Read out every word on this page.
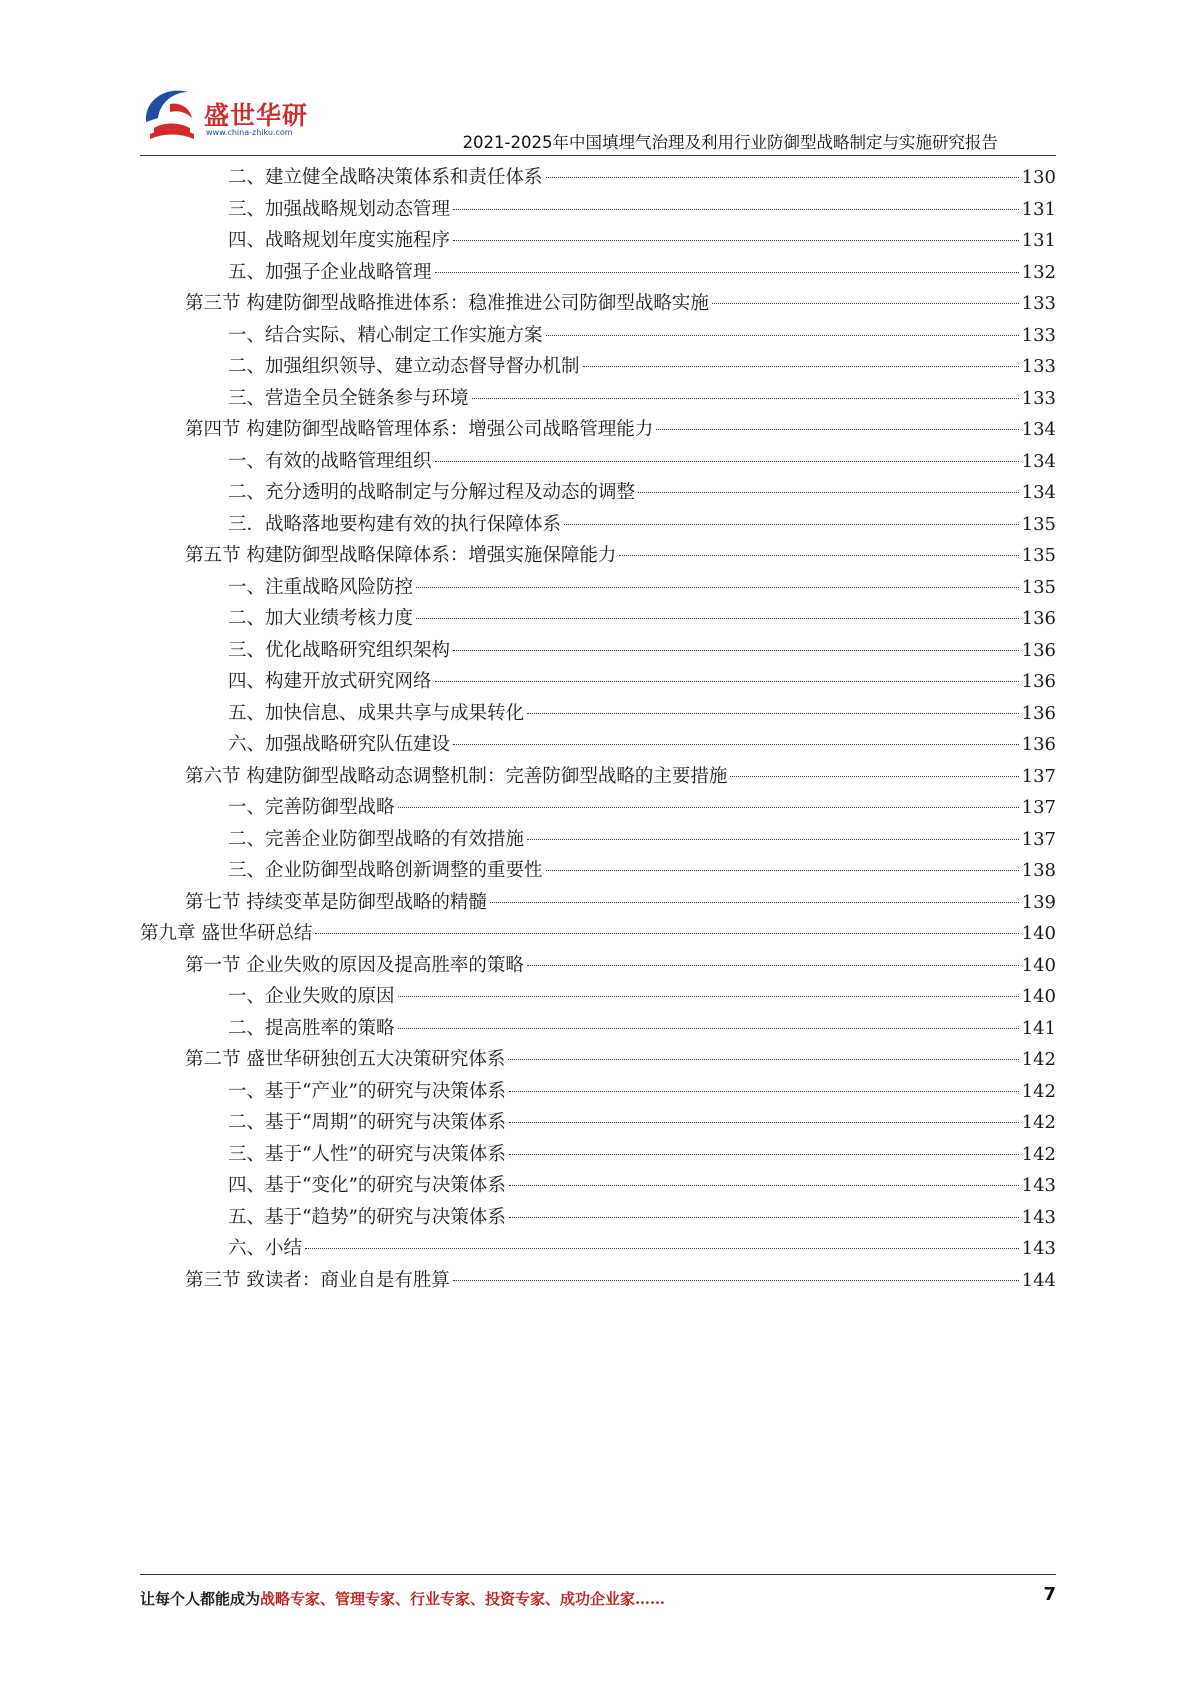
盛世华研
www.china-zhiku.com
2021-2025年中国填埋气治理及利用行业防御型战略制定与实施研究报告
二、建立健全战略决策体系和责任体系	130
三、加强战略规划动态管理	131
四、战略规划年度实施程序	131
五、加强子企业战略管理	132
第三节 构建防御型战略推进体系：稳准推进公司防御型战略实施	133
一、结合实际、精心制定工作实施方案	133
二、加强组织领导、建立动态督导督办机制	133
三、营造全员全链条参与环境	133
第四节 构建防御型战略管理体系：增强公司战略管理能力	134
一、有效的战略管理组织	134
二、充分透明的战略制定与分解过程及动态的调整	134
三．战略落地要构建有效的执行保障体系	135
第五节 构建防御型战略保障体系：增强实施保障能力	135
一、注重战略风险防控	135
二、加大业绩考核力度	136
三、优化战略研究组织架构	136
四、构建开放式研究网络	136
五、加快信息、成果共享与成果转化	136
六、加强战略研究队伍建设	136
第六节 构建防御型战略动态调整机制：完善防御型战略的主要措施	137
一、完善防御型战略	137
二、完善企业防御型战略的有效措施	137
三、企业防御型战略创新调整的重要性	138
第七节 持续变革是防御型战略的精髓	139
第九章 盛世华研总结	140
第一节 企业失败的原因及提高胜率的策略	140
一、企业失败的原因	140
二、提高胜率的策略	141
第二节 盛世华研独创五大决策研究体系	142
一、基于“产业”的研究与决策体系	142
二、基于“周期”的研究与决策体系	142
三、基于“人性”的研究与决策体系	142
四、基于“变化”的研究与决策体系	143
五、基于“趋势”的研究与决策体系	143
六、小结	143
第三节 致读者：商业自是有胜算	144
让每个人都能成为战略专家、管理专家、行业专家、投资专家、成功企业家……	7
